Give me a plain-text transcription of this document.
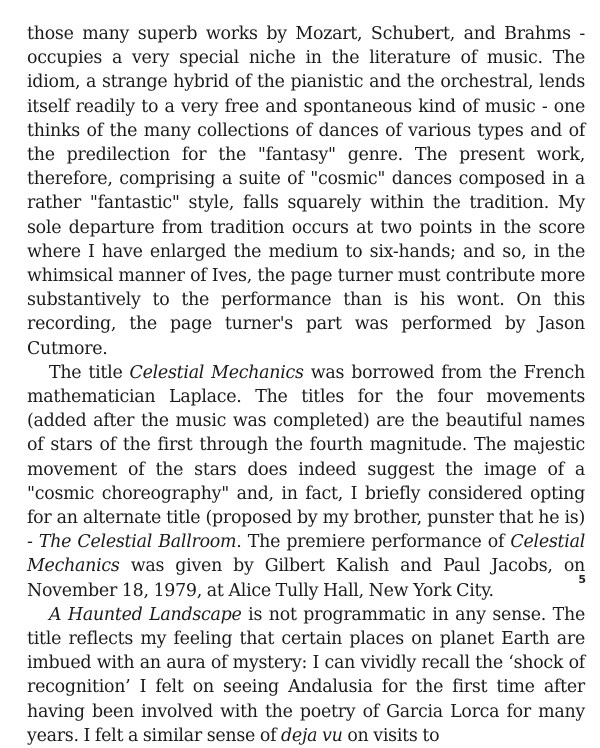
those many superb works by Mozart, Schubert, and Brahms - occupies a very special niche in the literature of music. The idiom, a strange hybrid of the pianistic and the orchestral, lends itself readily to a very free and spontaneous kind of music - one thinks of the many collections of dances of various types and of the predilection for the "fantasy" genre. The present work, therefore, comprising a suite of "cosmic" dances composed in a rather "fantastic" style, falls squarely within the tradition. My sole departure from tradition occurs at two points in the score where I have enlarged the medium to six-hands; and so, in the whimsical manner of Ives, the page turner must contribute more substantively to the performance than is his wont. On this recording, the page turner's part was performed by Jason Cutmore.

The title Celestial Mechanics was borrowed from the French mathematician Laplace. The titles for the four movements (added after the music was completed) are the beautiful names of stars of the first through the fourth magnitude. The majestic movement of the stars does indeed suggest the image of a "cosmic choreography" and, in fact, I briefly considered opting for an alternate title (proposed by my brother, punster that he is) - The Celestial Ballroom. The premiere performance of Celestial Mechanics was given by Gilbert Kalish and Paul Jacobs, on November 18, 1979, at Alice Tully Hall, New York City.

A Haunted Landscape is not programmatic in any sense. The title reflects my feeling that certain places on planet Earth are imbued with an aura of mystery: I can vividly recall the ‘shock of recognition’ I felt on seeing Andalusia for the first time after having been involved with the poetry of Garcia Lorca for many years. I felt a similar sense of deja vu on visits to

5
